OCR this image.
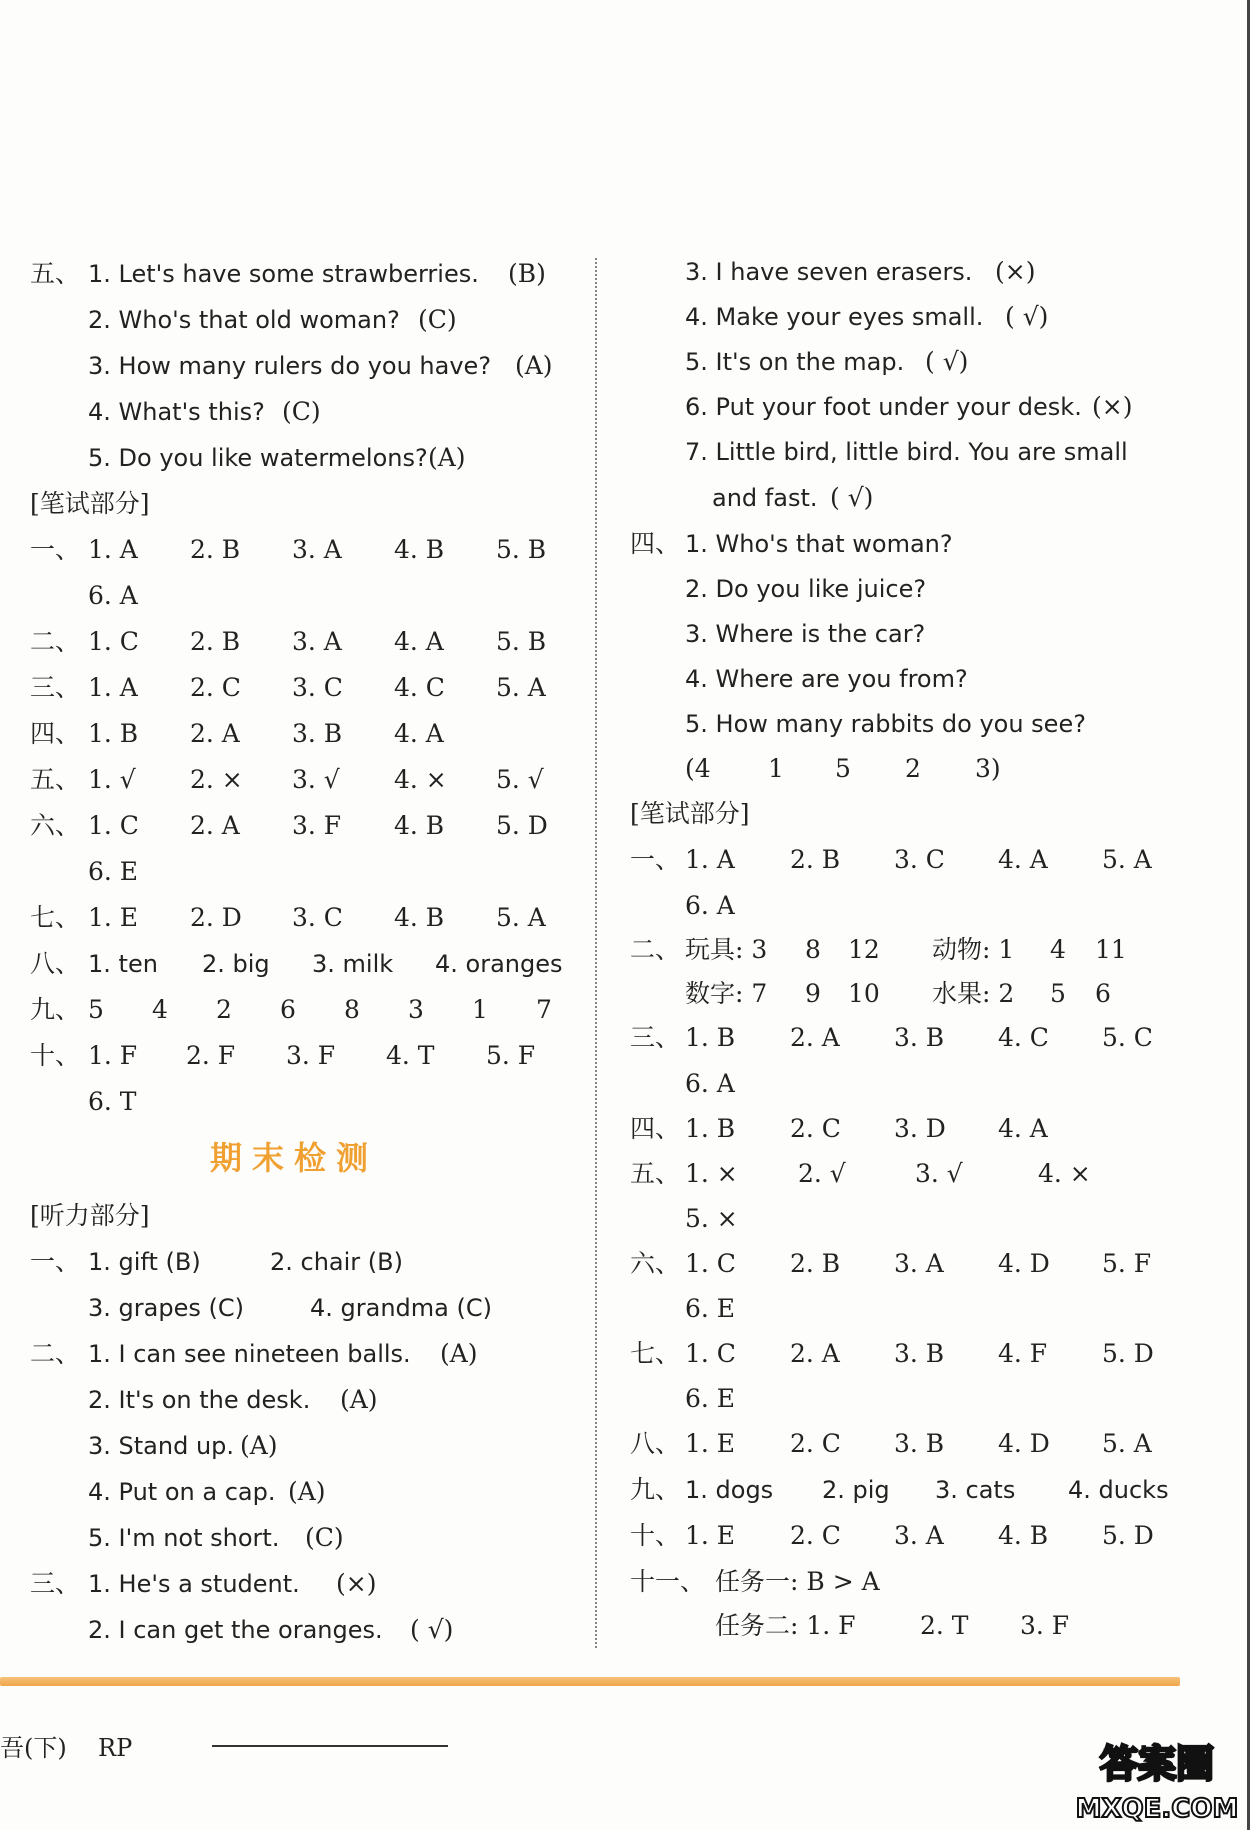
五、 1. Let's have some strawberries. (B)
2. Who's that old woman? (C)
3. How many rulers do you have? (A)
4. What's this? (C)
5. Do you like watermelons? (A)
[笔试部分]
一、 1. A 2. B 3. A 4. B 5. B
6. A
二、 1. C 2. B 3. A 4. A 5. B
三、 1. A 2. C 3. C 4. C 5. A
四、 1. B 2. A 3. B 4. A
五、 1. √ 2. × 3. √ 4. × 5. √
六、 1. C 2. A 3. F 4. B 5. D
6. E
七、 1. E 2. D 3. C 4. B 5. A
八、 1. ten 2. big 3. milk 4. oranges
九、 5 4 2 6 8 3 1 7
十、 1. F 2. F 3. F 4. T 5. F
6. T
期末检测
[听力部分]
一、 1. gift (B)	2. chair (B)
3. grapes (C)	4. grandma (C)
二、 1. I can see nineteen balls. (A)
2. It's on the desk. (A)
3. Stand up. (A)
4. Put on a cap. (A)
5. I'm not short. (C)
三、 1. He's a student. (×)
2. I can get the oranges. ( √)
3. I have seven erasers. (×)
4. Make your eyes small. ( √)
5. It's on the map. ( √)
6. Put your foot under your desk. (×)
7. Little bird, little bird. You are small
and fast. ( √)
四、 1. Who's that woman?
2. Do you like juice?
3. Where is the car?
4. Where are you from?
5. How many rabbits do you see?
(4 1 5 2 3)
[笔试部分]
一、 1. A 2. B 3. C 4. A 5. A
6. A
二、 玩具: 3 8 12 动物: 1 4 11
数字: 7 9 10 水果: 2 5 6
三、 1. B 2. A 3. B 4. C 5. C
6. A
四、 1. B 2. C 3. D 4. A
五、 1. × 2. √	3. √	4. ×
5. ×
六、 1. C 2. B 3. A 4. D 5. F
6. E
七、 1. C 2. A 3. B 4. F 5. D
6. E
八、 1. E 2. C 3. B 4. D 5. A
九、 1. dogs 2. pig 3. cats 4. ducks
十、 1. E 2. C 3. A 4. B 5. D
十一、 任务一: B > A
任务二: 1. F	2. T 3. F
吾(下) RP	答案圈
MXQE.COM
